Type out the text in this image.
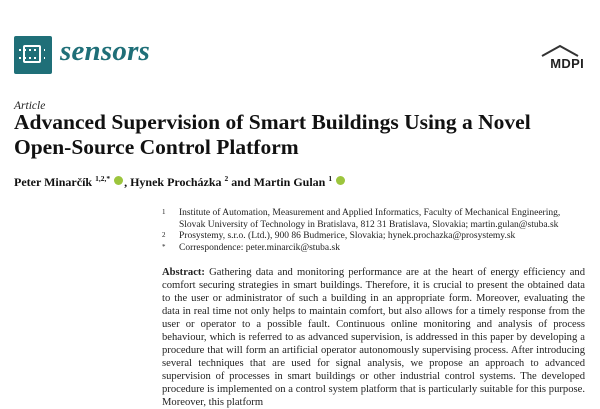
sensors	MDPI
Article
Advanced Supervision of Smart Buildings Using a Novel
Open-Source Control Platform
Peter Minarčík $^{1,2,*}$ , Hynek Procházka $^2$ and Martin Gulan $^1$
1 Institute of Automation, Measurement and Applied Informatics, Faculty of Mechanical Engineering, Slovak University of Technology in Bratislava, 812 31 Bratislava, Slovakia; martin.gulan@stuba.sk
2 Prosystemy, s.r.o. (Ltd.), 900 86 Budmerice, Slovakia; hynek.prochazka@prosystemy.sk
* Correspondence: peter.minarcik@stuba.sk
Abstract: Gathering data and monitoring performance are at the heart of energy efficiency and comfort securing strategies in smart buildings. Therefore, it is crucial to present the obtained data to the user or administrator of such a building in an appropriate form. Moreover, evaluating the data in real time not only helps to maintain comfort, but also allows for a timely response from the user or operator to a possible fault. Continuous online monitoring and analysis of process behaviour, which is referred to as advanced supervision, is addressed in this paper by developing a procedure that will form an artificial operator autonomously supervising process. After introducing several techniques that are used for signal analysis, we propose an approach to advanced supervision of processes in smart buildings or other industrial control systems. The developed procedure is implemented on a control system platform that is particularly suitable for this purpose. Moreover, this platform
